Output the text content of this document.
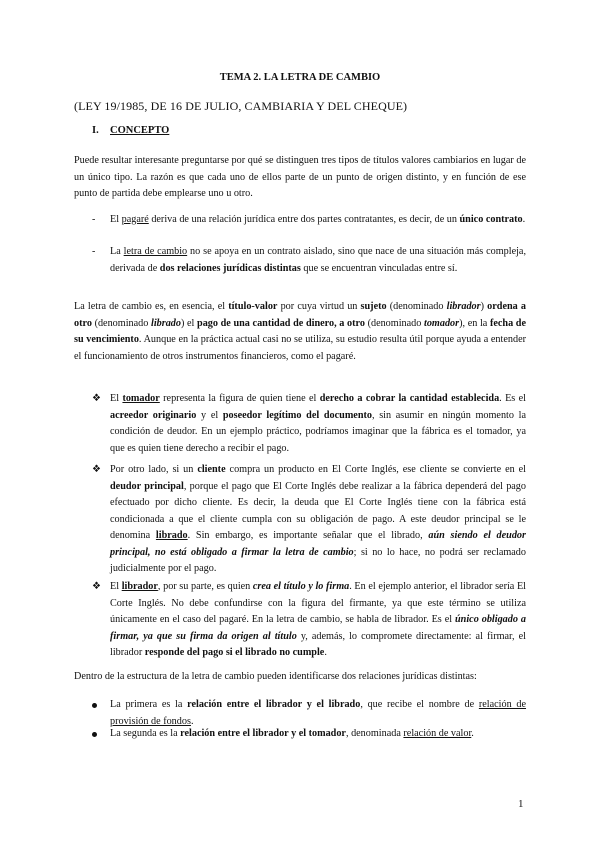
TEMA 2. LA LETRA DE CAMBIO
(LEY 19/1985, DE 16 DE JULIO, CAMBIARIA Y DEL CHEQUE)
I. CONCEPTO

Puede resultar interesante preguntarse por qué se distinguen tres tipos de títulos valores cambiarios en lugar de un único tipo. La razón es que cada uno de ellos parte de un punto de origen distinto, y en función de ese punto de partida debe emplearse uno u otro.

- El pagaré deriva de una relación jurídica entre dos partes contratantes, es decir, de un único contrato.

- La letra de cambio no se apoya en un contrato aislado, sino que nace de una situación más compleja, derivada de dos relaciones jurídicas distintas que se encuentran vinculadas entre sí.

La letra de cambio es, en esencia, el título-valor por cuya virtud un sujeto (denominado librador) ordena a otro (denominado librado) el pago de una cantidad de dinero, a otro (denominado tomador), en la fecha de su vencimiento. Aunque en la práctica actual casi no se utiliza, su estudio resulta útil porque ayuda a entender el funcionamiento de otros instrumentos financieros, como el pagaré.

❖ El tomador representa la figura de quien tiene el derecho a cobrar la cantidad establecida. Es el acreedor originario y el poseedor legítimo del documento, sin asumir en ningún momento la condición de deudor. En un ejemplo práctico, podríamos imaginar que la fábrica es el tomador, ya que es quien tiene derecho a recibir el pago.

❖ Por otro lado, si un cliente compra un producto en El Corte Inglés, ese cliente se convierte en el deudor principal, porque el pago que El Corte Inglés debe realizar a la fábrica dependerá del pago efectuado por dicho cliente. Es decir, la deuda que El Corte Inglés tiene con la fábrica está condicionada a que el cliente cumpla con su obligación de pago. A este deudor principal se le denomina librado. Sin embargo, es importante señalar que el librado, aún siendo el deudor principal, no está obligado a firmar la letra de cambio; si no lo hace, no podrá ser reclamado judicialmente por el pago.

❖ El librador, por su parte, es quien crea el título y lo firma. En el ejemplo anterior, el librador sería El Corte Inglés. No debe confundirse con la figura del firmante, ya que este término se utiliza únicamente en el caso del pagaré. En la letra de cambio, se habla de librador. Es el único obligado a firmar, ya que su firma da origen al título y, además, lo compromete directamente: al firmar, el librador responde del pago si el librado no cumple.

Dentro de la estructura de la letra de cambio pueden identificarse dos relaciones jurídicas distintas:

La primera es la relación entre el librador y el librado, que recibe el nombre de relación de provisión de fondos.

La segunda es la relación entre el librador y el tomador, denominada relación de valor.

1
